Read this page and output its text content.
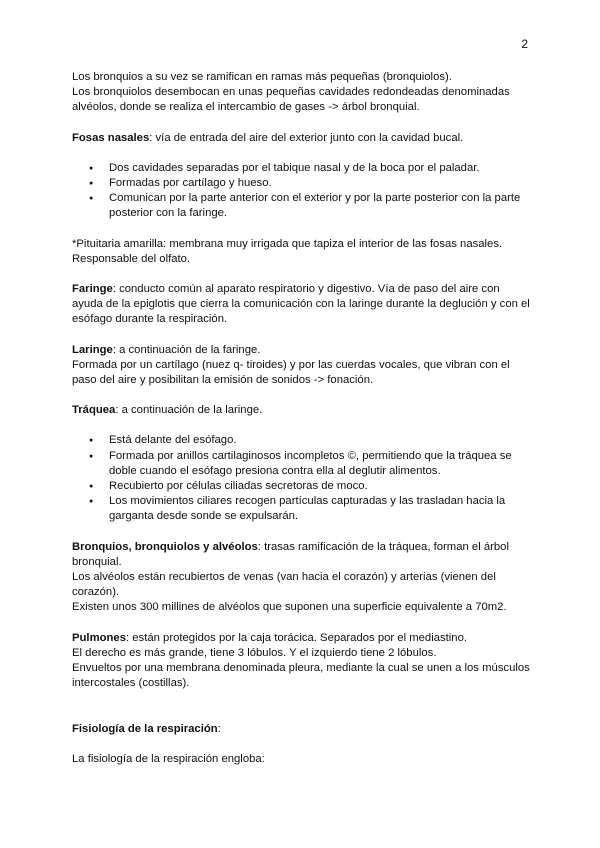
2

Los bronquios a su vez se ramifican en ramas más pequeñas (bronquiolos).

Los bronquiolos desembocan en unas pequeñas cavidades redondeadas denominadas alvéolos, donde se realiza el intercambio de gases -> árbol bronquial.

Fosas nasales: vía de entrada del aire del exterior junto con la cavidad bucal.

● Dos cavidades separadas por el tabique nasal y de la boca por el paladar.
● Formadas por cartílago y hueso.
● Comunican por la parte anterior con el exterior y por la parte posterior con la parte posterior con la faringe.

*Pituitaria amarilla: membrana muy irrigada que tapiza el interior de las fosas nasales. Responsable del olfato.

Faringe: conducto común al aparato respiratorio y digestivo. Vía de paso del aire con ayuda de la epiglotis que cierra la comunicación con la laringe durante la deglución y con el esófago durante la respiración.

Laringe: a continuación de la faringe.

Formada por un cartílago (nuez q- tiroides) y por las cuerdas vocales, que vibran con el paso del aire y posibilitan la emisión de sonidos -> fonación.

Tráquea: a continuación de la laringe.

● Está delante del esófago.
● Formada por anillos cartilaginosos incompletos ©, permitiendo que la tráquea se doble cuando el esófago presiona contra ella al deglutir alimentos.
● Recubierto por células ciliadas secretoras de moco.
● Los movimientos ciliares recogen partículas capturadas y las trasladan hacia la garganta desde sonde se expulsarán.

Bronquios, bronquiolos y alvéolos: trasas ramificación de la tráquea, forman el árbol bronquial.

Los alvéolos están recubiertos de venas (van hacia el corazón) y arterias (vienen del corazón).

Existen unos 300 millines de alvéolos que suponen una superficie equivalente a 70m2.

Pulmones: están protegidos por la caja torácica. Separados por el mediastino.

El derecho es más grande, tiene 3 lóbulos. Y el izquierdo tiene 2 lóbulos.

Envueltos por una membrana denominada pleura, mediante la cual se unen a los músculos intercostales (costillas).

Fisiología de la respiración:

La fisiología de la respiración engloba:
